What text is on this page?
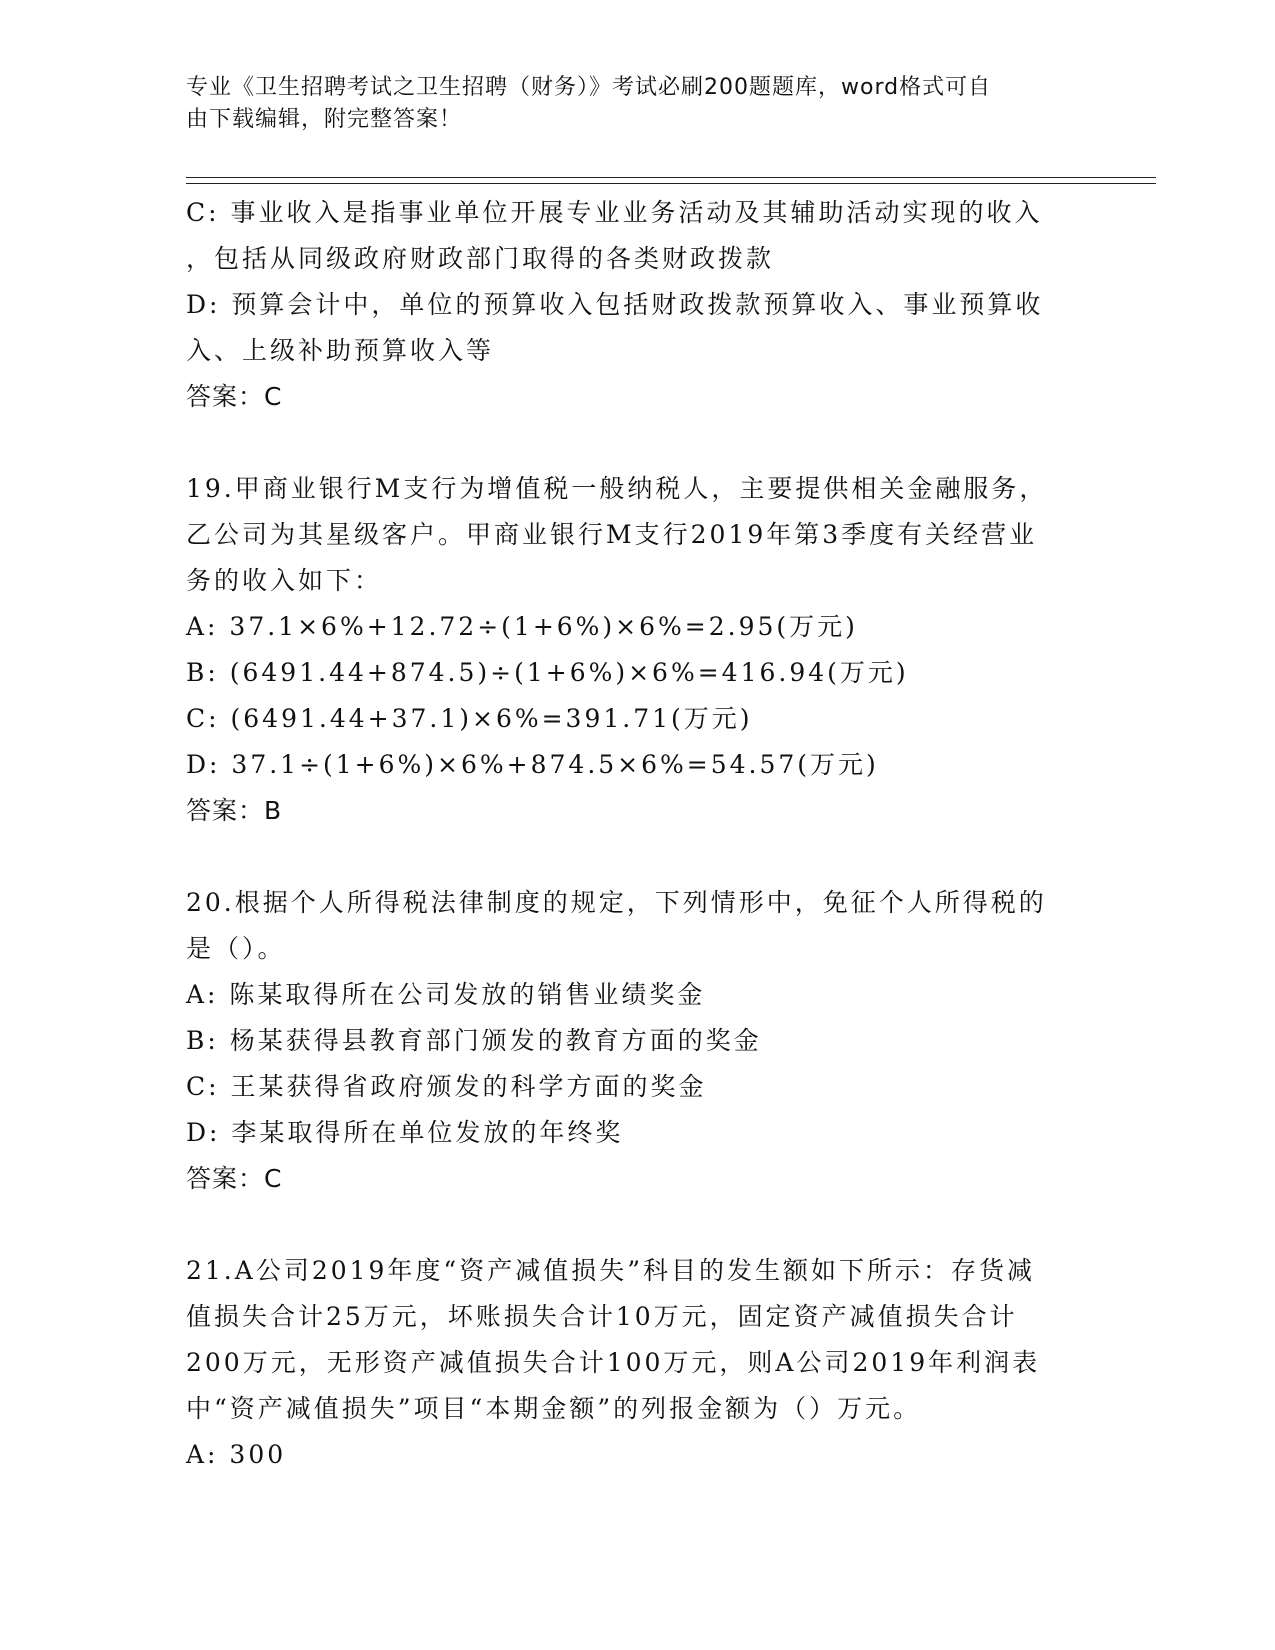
专业《卫生招聘考试之卫生招聘（财务）》考试必刷200题题库，word格式可自
由下载编辑，附完整答案！
C: 事业收入是指事业单位开展专业业务活动及其辅助活动实现的收入
，包括从同级政府财政部门取得的各类财政拨款
D: 预算会计中，单位的预算收入包括财政拨款预算收入、事业预算收
入、上级补助预算收入等
答案：C
19.甲商业银行M支行为增值税一般纳税人，主要提供相关金融服务，
乙公司为其星级客户。甲商业银行M支行2019年第3季度有关经营业
务的收入如下：
A: 37.1×6%+12.72÷(1+6%)×6%=2.95(万元)
B: (6491.44+874.5)÷(1+6%)×6%=416.94(万元)
C: (6491.44+37.1)×6%=391.71(万元)
D: 37.1÷(1+6%)×6%+874.5×6%=54.57(万元)
答案：B
20.根据个人所得税法律制度的规定，下列情形中，免征个人所得税的
是（）。
A: 陈某取得所在公司发放的销售业绩奖金
B: 杨某获得县教育部门颁发的教育方面的奖金
C: 王某获得省政府颁发的科学方面的奖金
D: 李某取得所在单位发放的年终奖
答案：C
21.A公司2019年度“资产减值损失”科目的发生额如下所示：存货减
值损失合计25万元，坏账损失合计10万元，固定资产减值损失合计
200万元，无形资产减值损失合计100万元，则A公司2019年利润表
中“资产减值损失”项目“本期金额”的列报金额为（）万元。
A: 300
